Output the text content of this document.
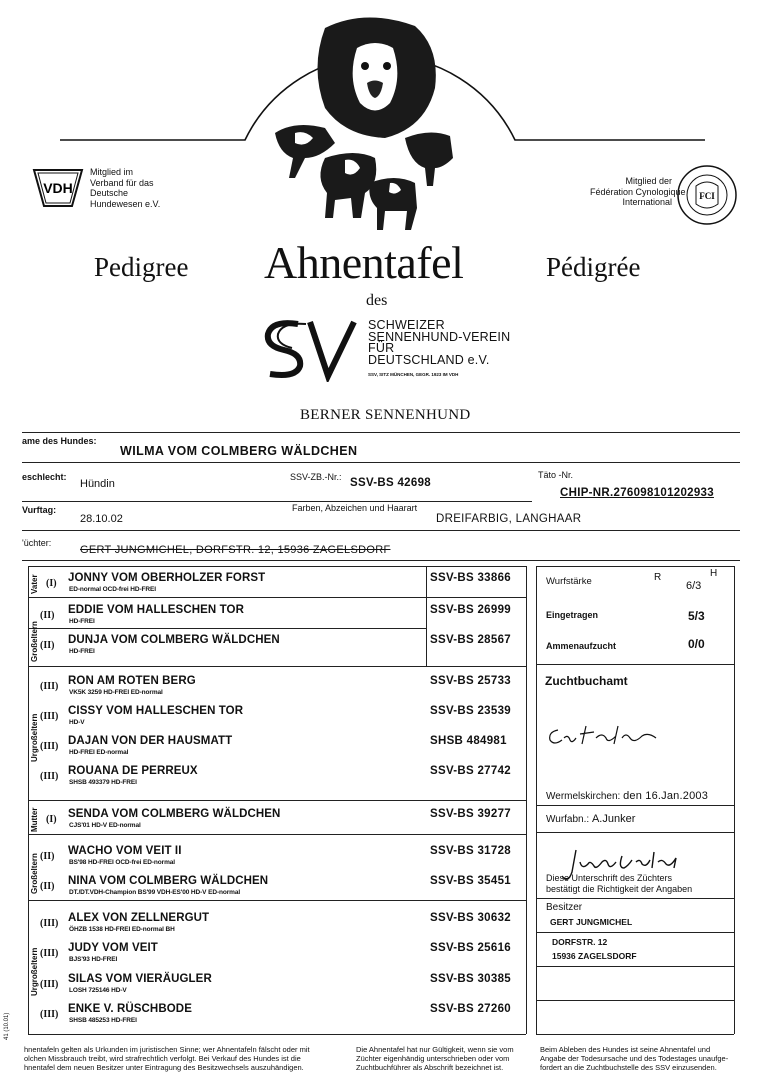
VDH
Mitglied im
Verband für das
Deutsche
Hundewesen e.V.
Mitglied der
Fédération Cynologique
International
FCI
Pedigree Ahnentafel	Pédigrée
des
SSV	SCHWEIZER
SENNENHUND-VEREIN
FÜR
DEUTSCHLAND e.V.
SSV, SITZ MÜNCHEN, GEGR. 1923 IM VDH
BERNER SENNENHUND
ame des Hundes:
WILMA VOM COLMBERG WÄLDCHEN
eschlecht:
Hündin
SSV-ZB.-Nr.: SSV-BS 42698
Täto -Nr.
CHIP-NR.276098101202933
Vurftag:
28.10.02
Farben, Abzeichen und Haarart
DREIFARBIG, LANGHAAR
'üchter:
GERT JUNGMICHEL, DORFSTR. 12, 15936 ZAGELSDORF
Vater
Großeltern
Urgroßeltern
Mutter
Großeltern
Urgroßeltern
(I) JONNY VOM OBERHOLZER FORST
ED-normal OCD-frei HD-FREI
SSV-BS 33866
(II) EDDIE VOM HALLESCHEN TOR
HD-FREI
SSV-BS 26999
(II) DUNJA VOM COLMBERG WÄLDCHEN
HD-FREI
SSV-BS 28567
(III) RON AM ROTEN BERG
VK5K 3259 HD-FREI ED-normal
SSV-BS 25733
(III) CISSY VOM HALLESCHEN TOR
HD-V
SSV-BS 23539
(III) DAJAN VON DER HAUSMATT
HD-FREI ED-normal
SHSB 484981
(III) ROUANA DE PERREUX
SHSB 493379 HD-FREI
SSV-BS 27742
(I) SENDA VOM COLMBERG WÄLDCHEN
CJS'01 HD-V ED-normal
SSV-BS 39277
(II) WACHO VOM VEIT II
BS'98 HD-FREI OCD-frei ED-normal
SSV-BS 31728
(II) NINA VOM COLMBERG WÄLDCHEN
DT./DT.VDH-Champion BS'99 VDH-ES'00 HD-V ED-normal
SSV-BS 35451
(III) ALEX VON ZELLNERGUT
ÖHZB 1538 HD-FREI ED-normal BH
SSV-BS 30632
(III) JUDY VOM VEIT
BJS'93 HD-FREI
SSV-BS 25616
(III) SILAS VOM VIERÄUGLER
LOSH 725146 HD-V
SSV-BS 30385
(III) ENKE V. RÜSCHBODE
SHSB 485253 HD-FREI
SSV-BS 27260
Wurfstärke	R	H
6/3
Eingetragen	5/3
Ammenaufzucht	0/0
Zuchtbuchamt
Ca Fecher
Wermelskirchen: den 16.Jan.2003
Wurfabn.: A.Junker
Jungmichel
Diese Unterschrift des Züchters
bestätigt die Richtigkeit der Angaben
Besitzer
GERT JUNGMICHEL
DORFSTR. 12
15936 ZAGELSDORF
hnentafeln gelten als Urkunden im juristischen Sinne; wer Ahnentafeln fälscht oder mit
olchen Missbrauch treibt, wird strafrechtlich verfolgt. Bei Verkauf des Hundes ist die
hnentafel dem neuen Besitzer unter Eintragung des Besitzwechsels auszuhändigen.
Die Ahnentafel hat nur Gültigkeit, wenn sie vom
Züchter eigenhändig unterschrieben oder vom
Zuchtbuchführer als Abschrift bezeichnet ist.
Beim Ableben des Hundes ist seine Ahnentafel und
Angabe der Todesursache und des Todestages unaufge-
fordert an die Zuchtbuchstelle des SSV einzusenden.
41 (10.01)
